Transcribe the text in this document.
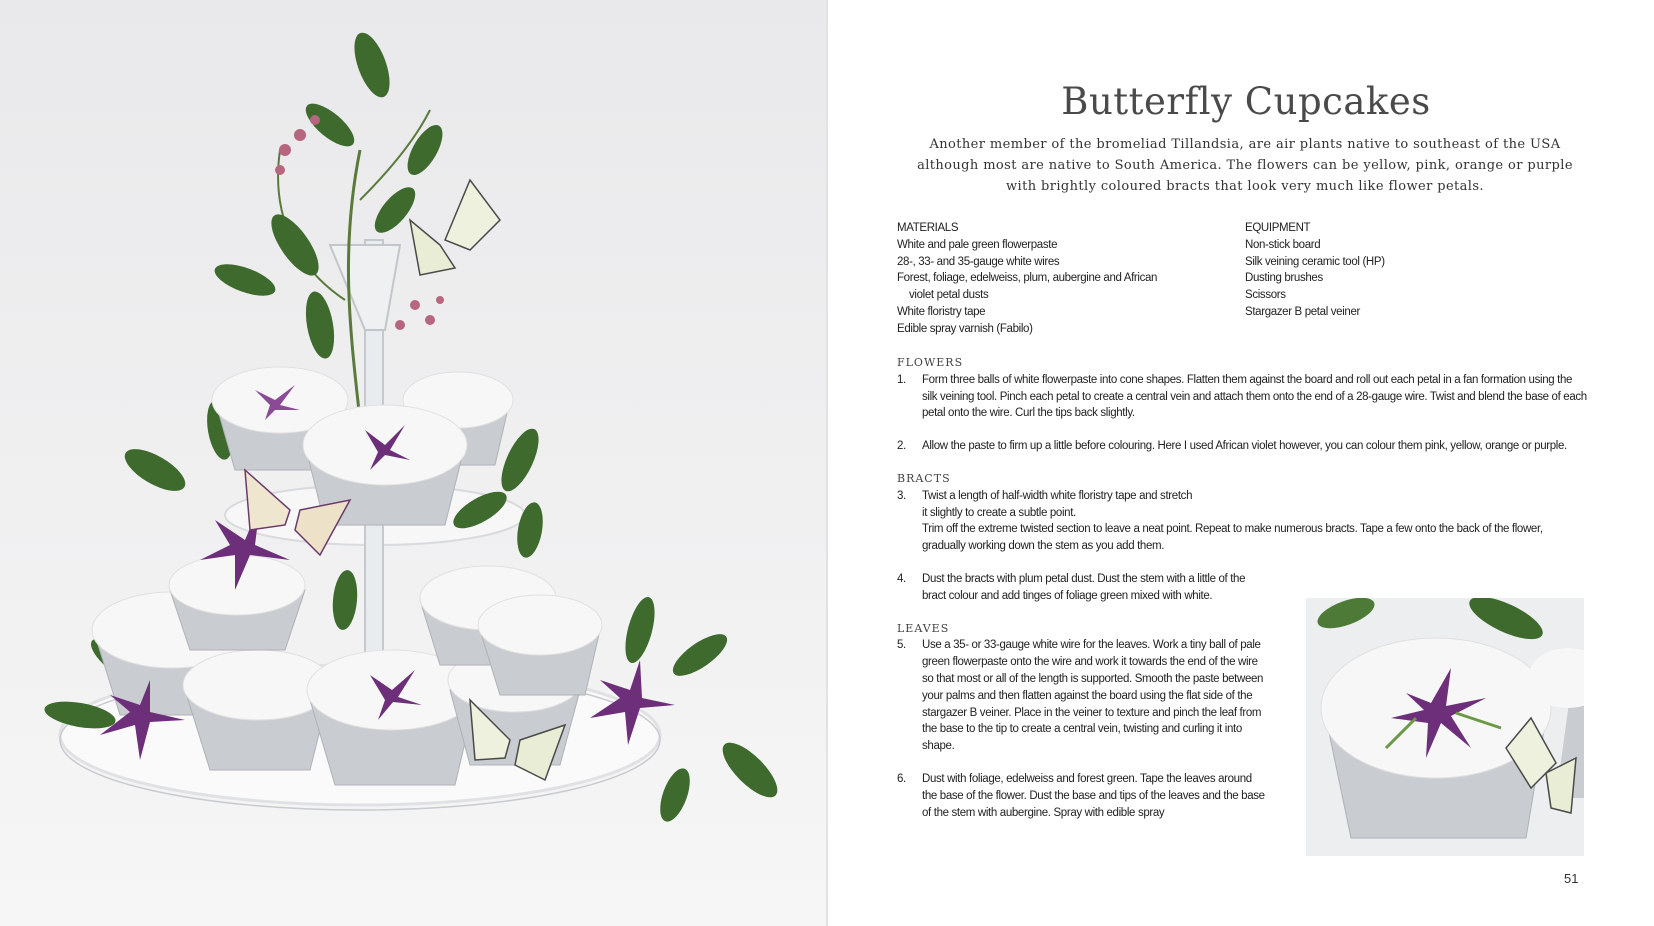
Butterfly Cupcakes

Another member of the bromeliad Tillandsia, are air plants native to southeast of the USA although most are native to South America. The flowers can be yellow, pink, orange or purple with brightly coloured bracts that look very much like flower petals.

MATERIALS
White and pale green flowerpaste
28-, 33- and 35-gauge white wires
Forest, foliage, edelweiss, plum, aubergine and African
violet petal dusts
White floristry tape
Edible spray varnish (Fabilo)
EQUIPMENT
Non-stick board
Silk veining ceramic tool (HP)
Dusting brushes
Scissors
Stargazer B petal veiner

FLOWERS

1. Form three balls of white flowerpaste into cone shapes. Flatten them against the board and roll out each petal in a fan formation using the silk veining tool. Pinch each petal to create a central vein and attach them onto the end of a 28-gauge wire. Twist and blend the base of each petal onto the wire. Curl the tips back slightly.

2. Allow the paste to firm up a little before colouring. Here I used African violet however, you can colour them pink, yellow, orange or purple.

BRACTS

3. Twist a length of half-width white floristry tape and stretch
it slightly to create a subtle point.
Trim off the extreme twisted section to leave a neat point. Repeat to make numerous bracts. Tape a few onto the back of the flower, gradually working down the stem as you add them.

4. Dust the bracts with plum petal dust. Dust the stem with a little of the bract colour and add tinges of foliage green mixed with white.

LEAVES

5. Use a 35- or 33-gauge white wire for the leaves. Work a tiny ball of pale green flowerpaste onto the wire and work it towards the end of the wire so that most or all of the length is supported. Smooth the paste between your palms and then flatten against the board using the flat side of the stargazer B veiner. Place in the veiner to texture and pinch the leaf from the base to the tip to create a central vein, twisting and curling it into shape.

6. Dust with foliage, edelweiss and forest green. Tape the leaves around the base of the flower. Dust the base and tips of the leaves and the base of the stem with aubergine. Spray with edible spray

51
